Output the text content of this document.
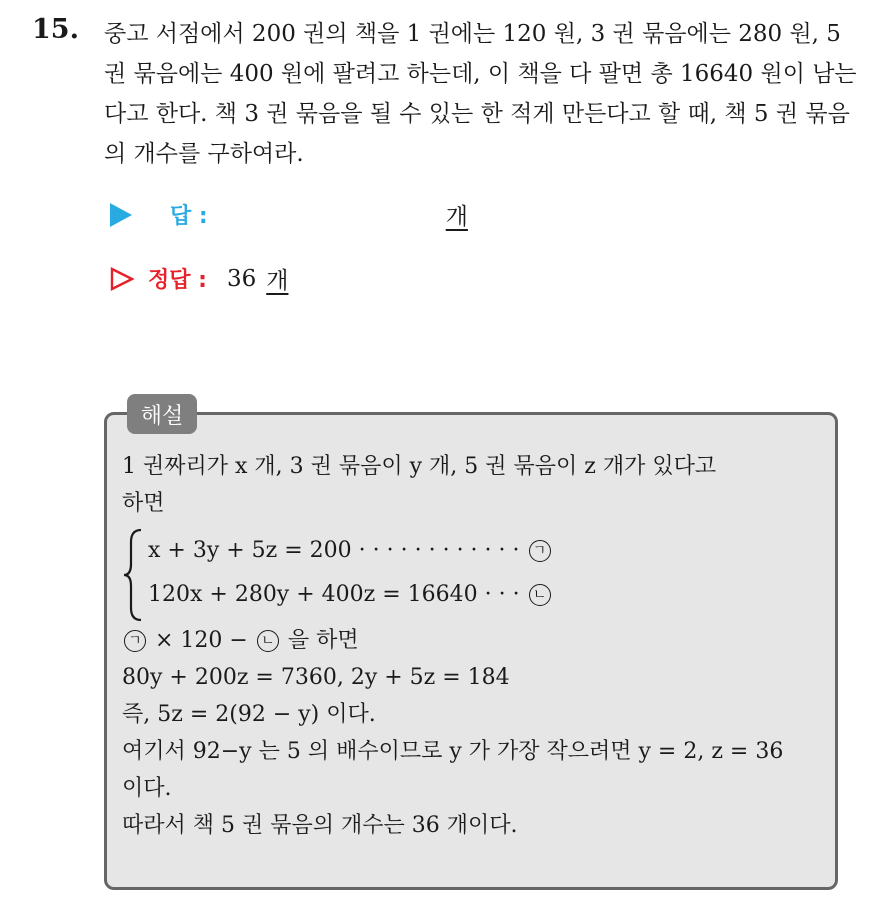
15. 중고 서점에서 200 권의 책을 1 권에는 120 원, 3 권 묶음에는 280 원, 5 권 묶음에는 400 원에 팔려고 하는데, 이 책을 다 팔면 총 16640 원이 남는다고 한다. 책 3 권 묶음을 될 수 있는 한 적게 만든다고 할 때, 책 5 권 묶음의 개수를 구하여라.

답 :	개
정답 : 36 개
해설
1 권짜리가 x 개, 3 권 묶음이 y 개, 5 권 묶음이 z 개가 있다고
하면
x + 3y + 5z = 200 · · · · · · · · · · · · ㄱ
120x + 280y + 400z = 16640 · · · ㄴ
ㄱ × 120 − ㄴ 을 하면
80y + 200z = 7360, 2y + 5z = 184
즉, 5z = 2(92 − y) 이다.
여기서 92−y 는 5 의 배수이므로 y 가 가장 작으려면 y = 2, z = 36
이다.
따라서 책 5 권 묶음의 개수는 36 개이다.
